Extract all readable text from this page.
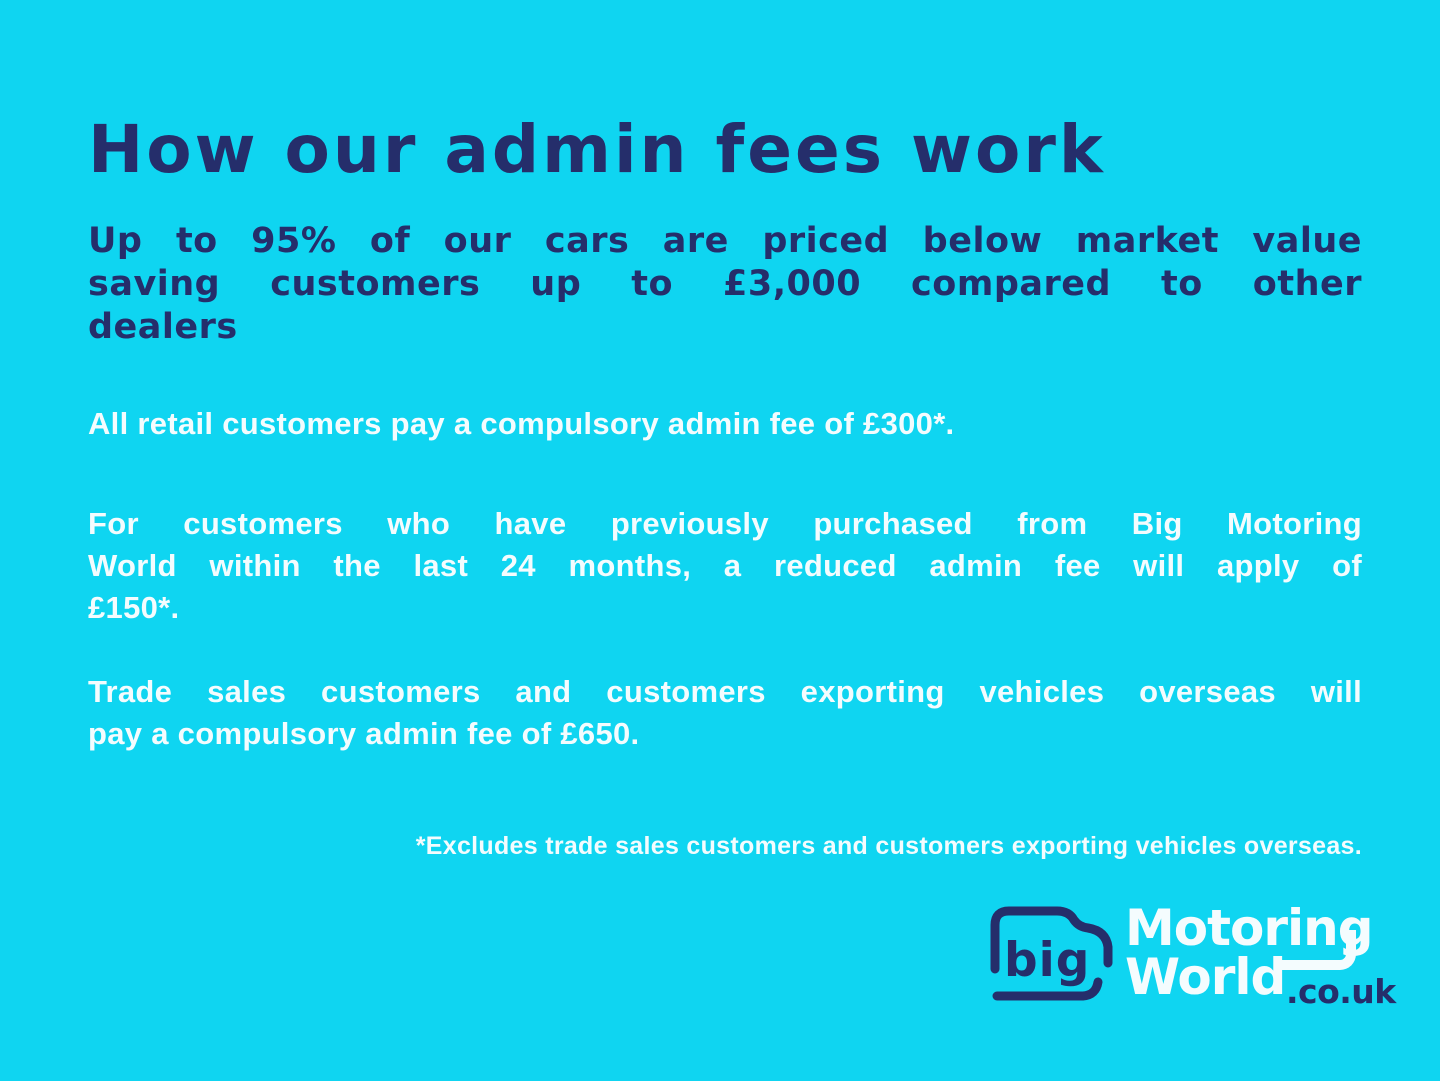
How our admin fees work
Up to 95% of our cars are priced below market value
saving customers up to £3,000 compared to other
dealers
All retail customers pay a compulsory admin fee of £300*.
For customers who have previously purchased from Big Motoring
World within the last 24 months, a reduced admin fee will apply of
£150*.
Trade sales customers and customers exporting vehicles overseas will
pay a compulsory admin fee of £650.
*Excludes trade sales customers and customers exporting vehicles overseas.
big
Motoring
World .co.uk
